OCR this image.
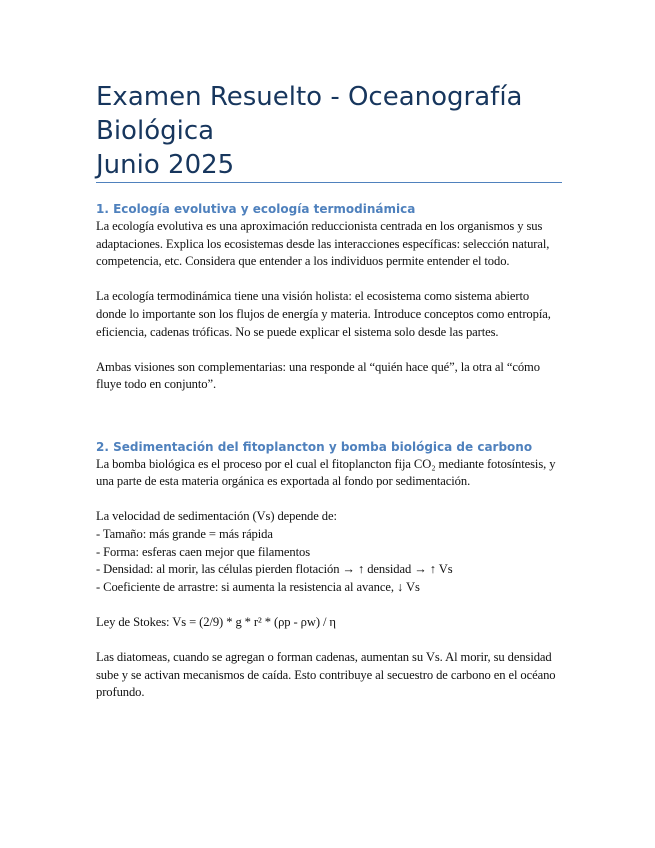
Examen Resuelto - Oceanografía
Biológica
Junio 2025
1. Ecología evolutiva y ecología termodinámica

La ecología evolutiva es una aproximación reduccionista centrada en los organismos y sus adaptaciones. Explica los ecosistemas desde las interacciones específicas: selección natural, competencia, etc. Considera que entender a los individuos permite entender el todo.

La ecología termodinámica tiene una visión holista: el ecosistema como sistema abierto donde lo importante son los flujos de energía y materia. Introduce conceptos como entropía, eficiencia, cadenas tróficas. No se puede explicar el sistema solo desde las partes.

Ambas visiones son complementarias: una responde al “quién hace qué”, la otra al “cómo fluye todo en conjunto”.

2. Sedimentación del fitoplancton y bomba biológica de carbono

La bomba biológica es el proceso por el cual el fitoplancton fija CO₂ mediante fotosíntesis, y una parte de esta materia orgánica es exportada al fondo por sedimentación.

La velocidad de sedimentación (Vs) depende de:

- Tamaño: más grande = más rápida

- Forma: esferas caen mejor que filamentos

- Densidad: al morir, las células pierden flotación → ↑ densidad → ↑ Vs

- Coeficiente de arrastre: si aumenta la resistencia al avance, ↓ Vs

Ley de Stokes: Vs = (2/9) * g * r² * (ρp - ρw) / η

Las diatomeas, cuando se agregan o forman cadenas, aumentan su Vs. Al morir, su densidad sube y se activan mecanismos de caída. Esto contribuye al secuestro de carbono en el océano profundo.
